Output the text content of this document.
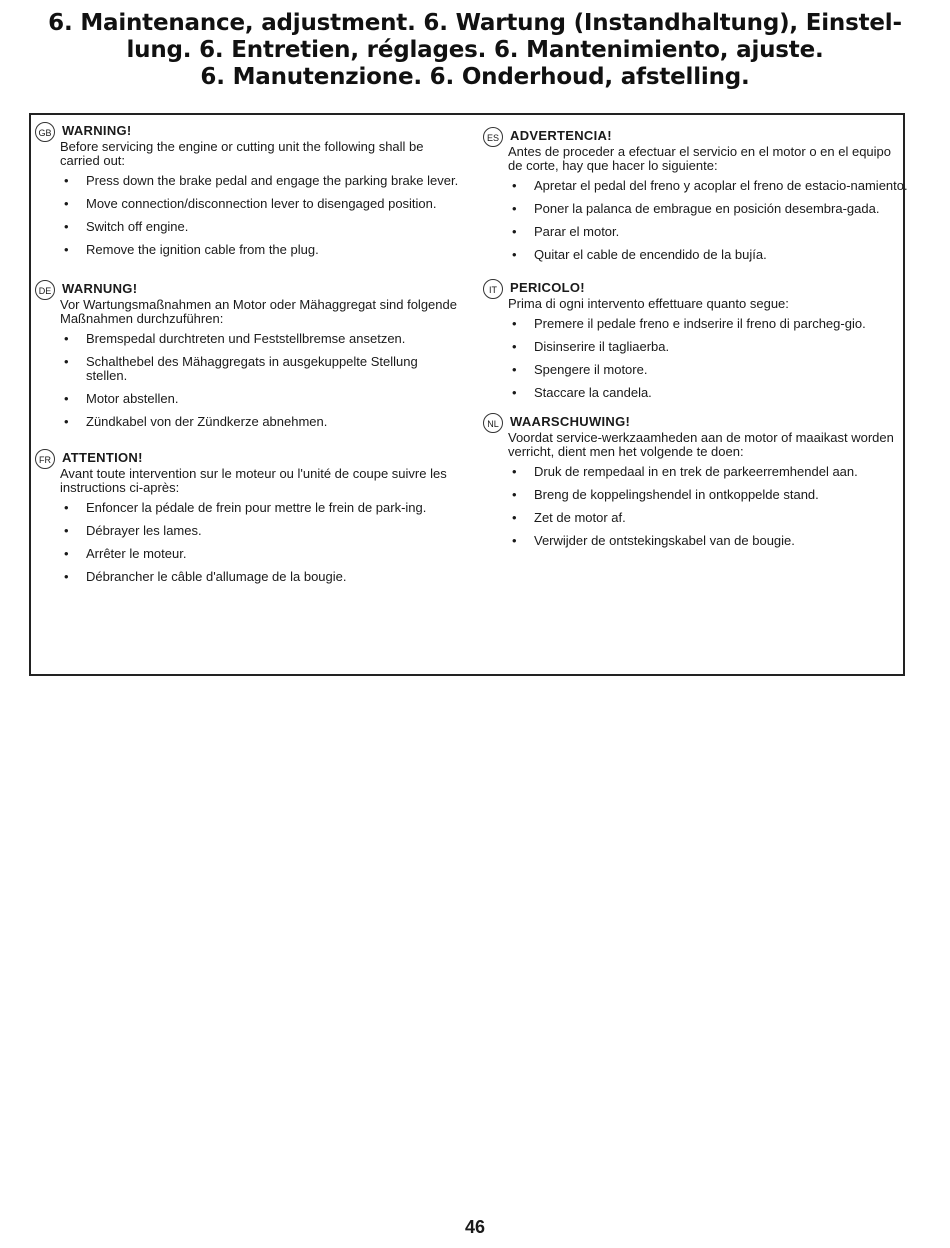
6. Maintenance, adjustment. 6. Wartung (Instandhaltung), Einstel-
lung. 6. Entretien, réglages. 6. Mantenimiento, ajuste.
6. Manutenzione. 6. Onderhoud, afstelling.
GB WARNING!

Before servicing the engine or cutting unit the following shall be carried out:

• Press down the brake pedal and engage the parking brake lever.
• Move connection/disconnection lever to disengaged position.
• Switch off engine.
• Remove the ignition cable from the plug.
DE WARNUNG!

Vor Wartungsmaßnahmen an Motor oder Mähaggregat sind folgende Maßnahmen durchzuführen:

• Bremspedal durchtreten und Feststellbremse ansetzen.
• Schalthebel des Mähaggregats in ausgekuppelte Stellung stellen.
• Motor abstellen.
• Zündkabel von der Zündkerze abnehmen.
FR ATTENTION!

Avant toute intervention sur le moteur ou l'unité de coupe suivre les instructions ci-après:

• Enfoncer la pédale de frein pour mettre le frein de park-ing.
• Débrayer les lames.
• Arrêter le moteur.
• Débrancher le câble d'allumage de la bougie.
ES ADVERTENCIA!

Antes de proceder a efectuar el servicio en el motor o en el equipo de corte, hay que hacer lo siguiente:

• Apretar el pedal del freno y acoplar el freno de estacio-namiento.
• Poner la palanca de embrague en posición desembra-gada.
• Parar el motor.
• Quitar el cable de encendido de la bujía.
IT	PERICOLO!

Prima di ogni intervento effettuare quanto segue:

• Premere il pedale freno e indserire il freno di parcheg-gio.
• Disinserire il tagliaerba.
• Spengere il motore.
• Staccare la candela.
NL WAARSCHUWING!

Voordat service-werkzaamheden aan de motor of maaikast worden verricht, dient men het volgende te doen:

• Druk de rempedaal in en trek de parkeerremhendel aan.
• Breng de koppelingshendel in ontkoppelde stand.
• Zet de motor af.
• Verwijder de ontstekingskabel van de bougie.
46
